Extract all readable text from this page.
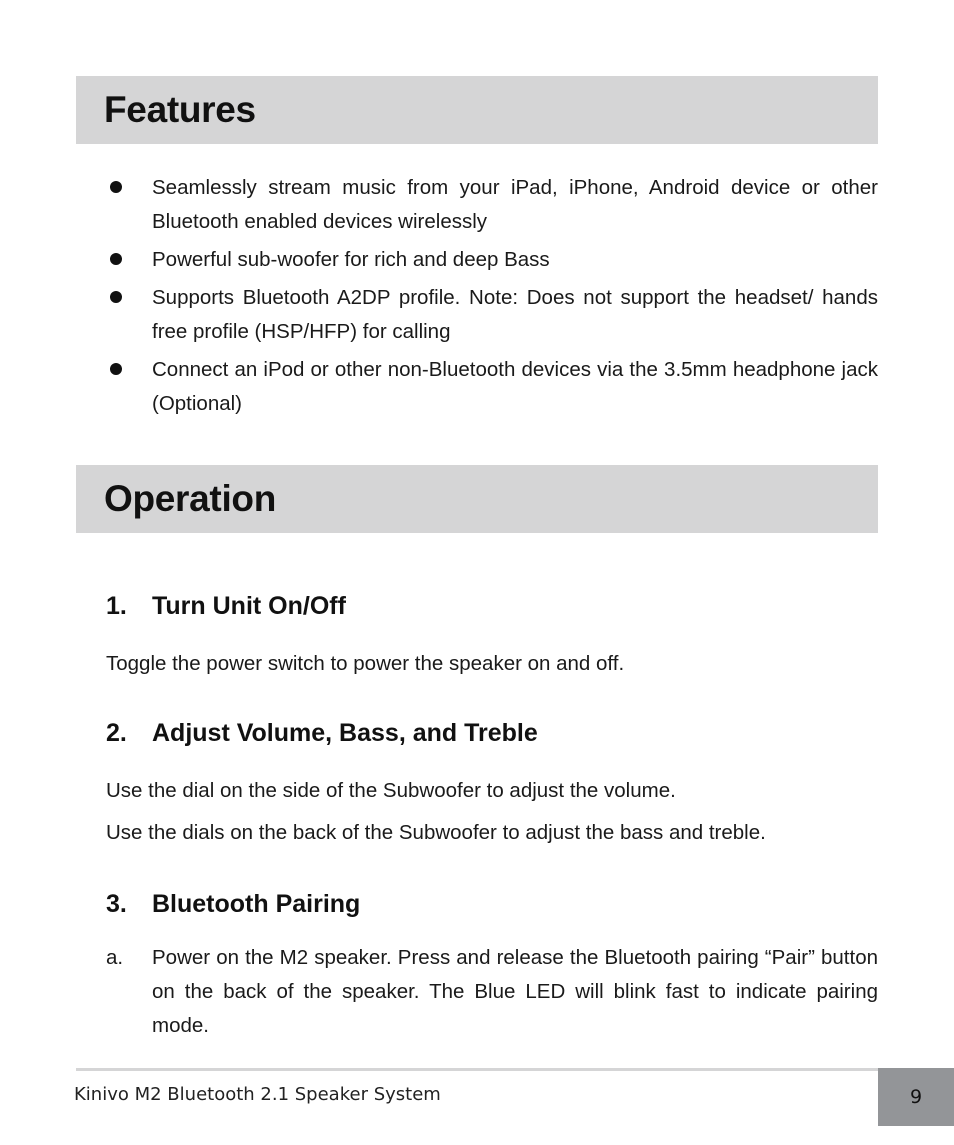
Features
Seamlessly stream music from your iPad, iPhone, Android device or other Bluetooth enabled devices wirelessly
Powerful sub-woofer for rich and deep Bass
Supports Bluetooth A2DP profile. Note: Does not support the headset/ hands free profile (HSP/HFP) for calling
Connect an iPod or other non-Bluetooth devices via the 3.5mm headphone jack (Optional)
Operation
1. Turn Unit On/Off

Toggle the power switch to power the speaker on and off.

2. Adjust Volume, Bass, and Treble

Use the dial on the side of the Subwoofer to adjust the volume.

Use the dials on the back of the Subwoofer to adjust the bass and treble.

3. Bluetooth Pairing
a. Power on the M2 speaker. Press and release the Bluetooth pairing “Pair” button on the back of the speaker. The Blue LED will blink fast to indicate pairing mode.
Kinivo M2 Bluetooth 2.1 Speaker System	9
